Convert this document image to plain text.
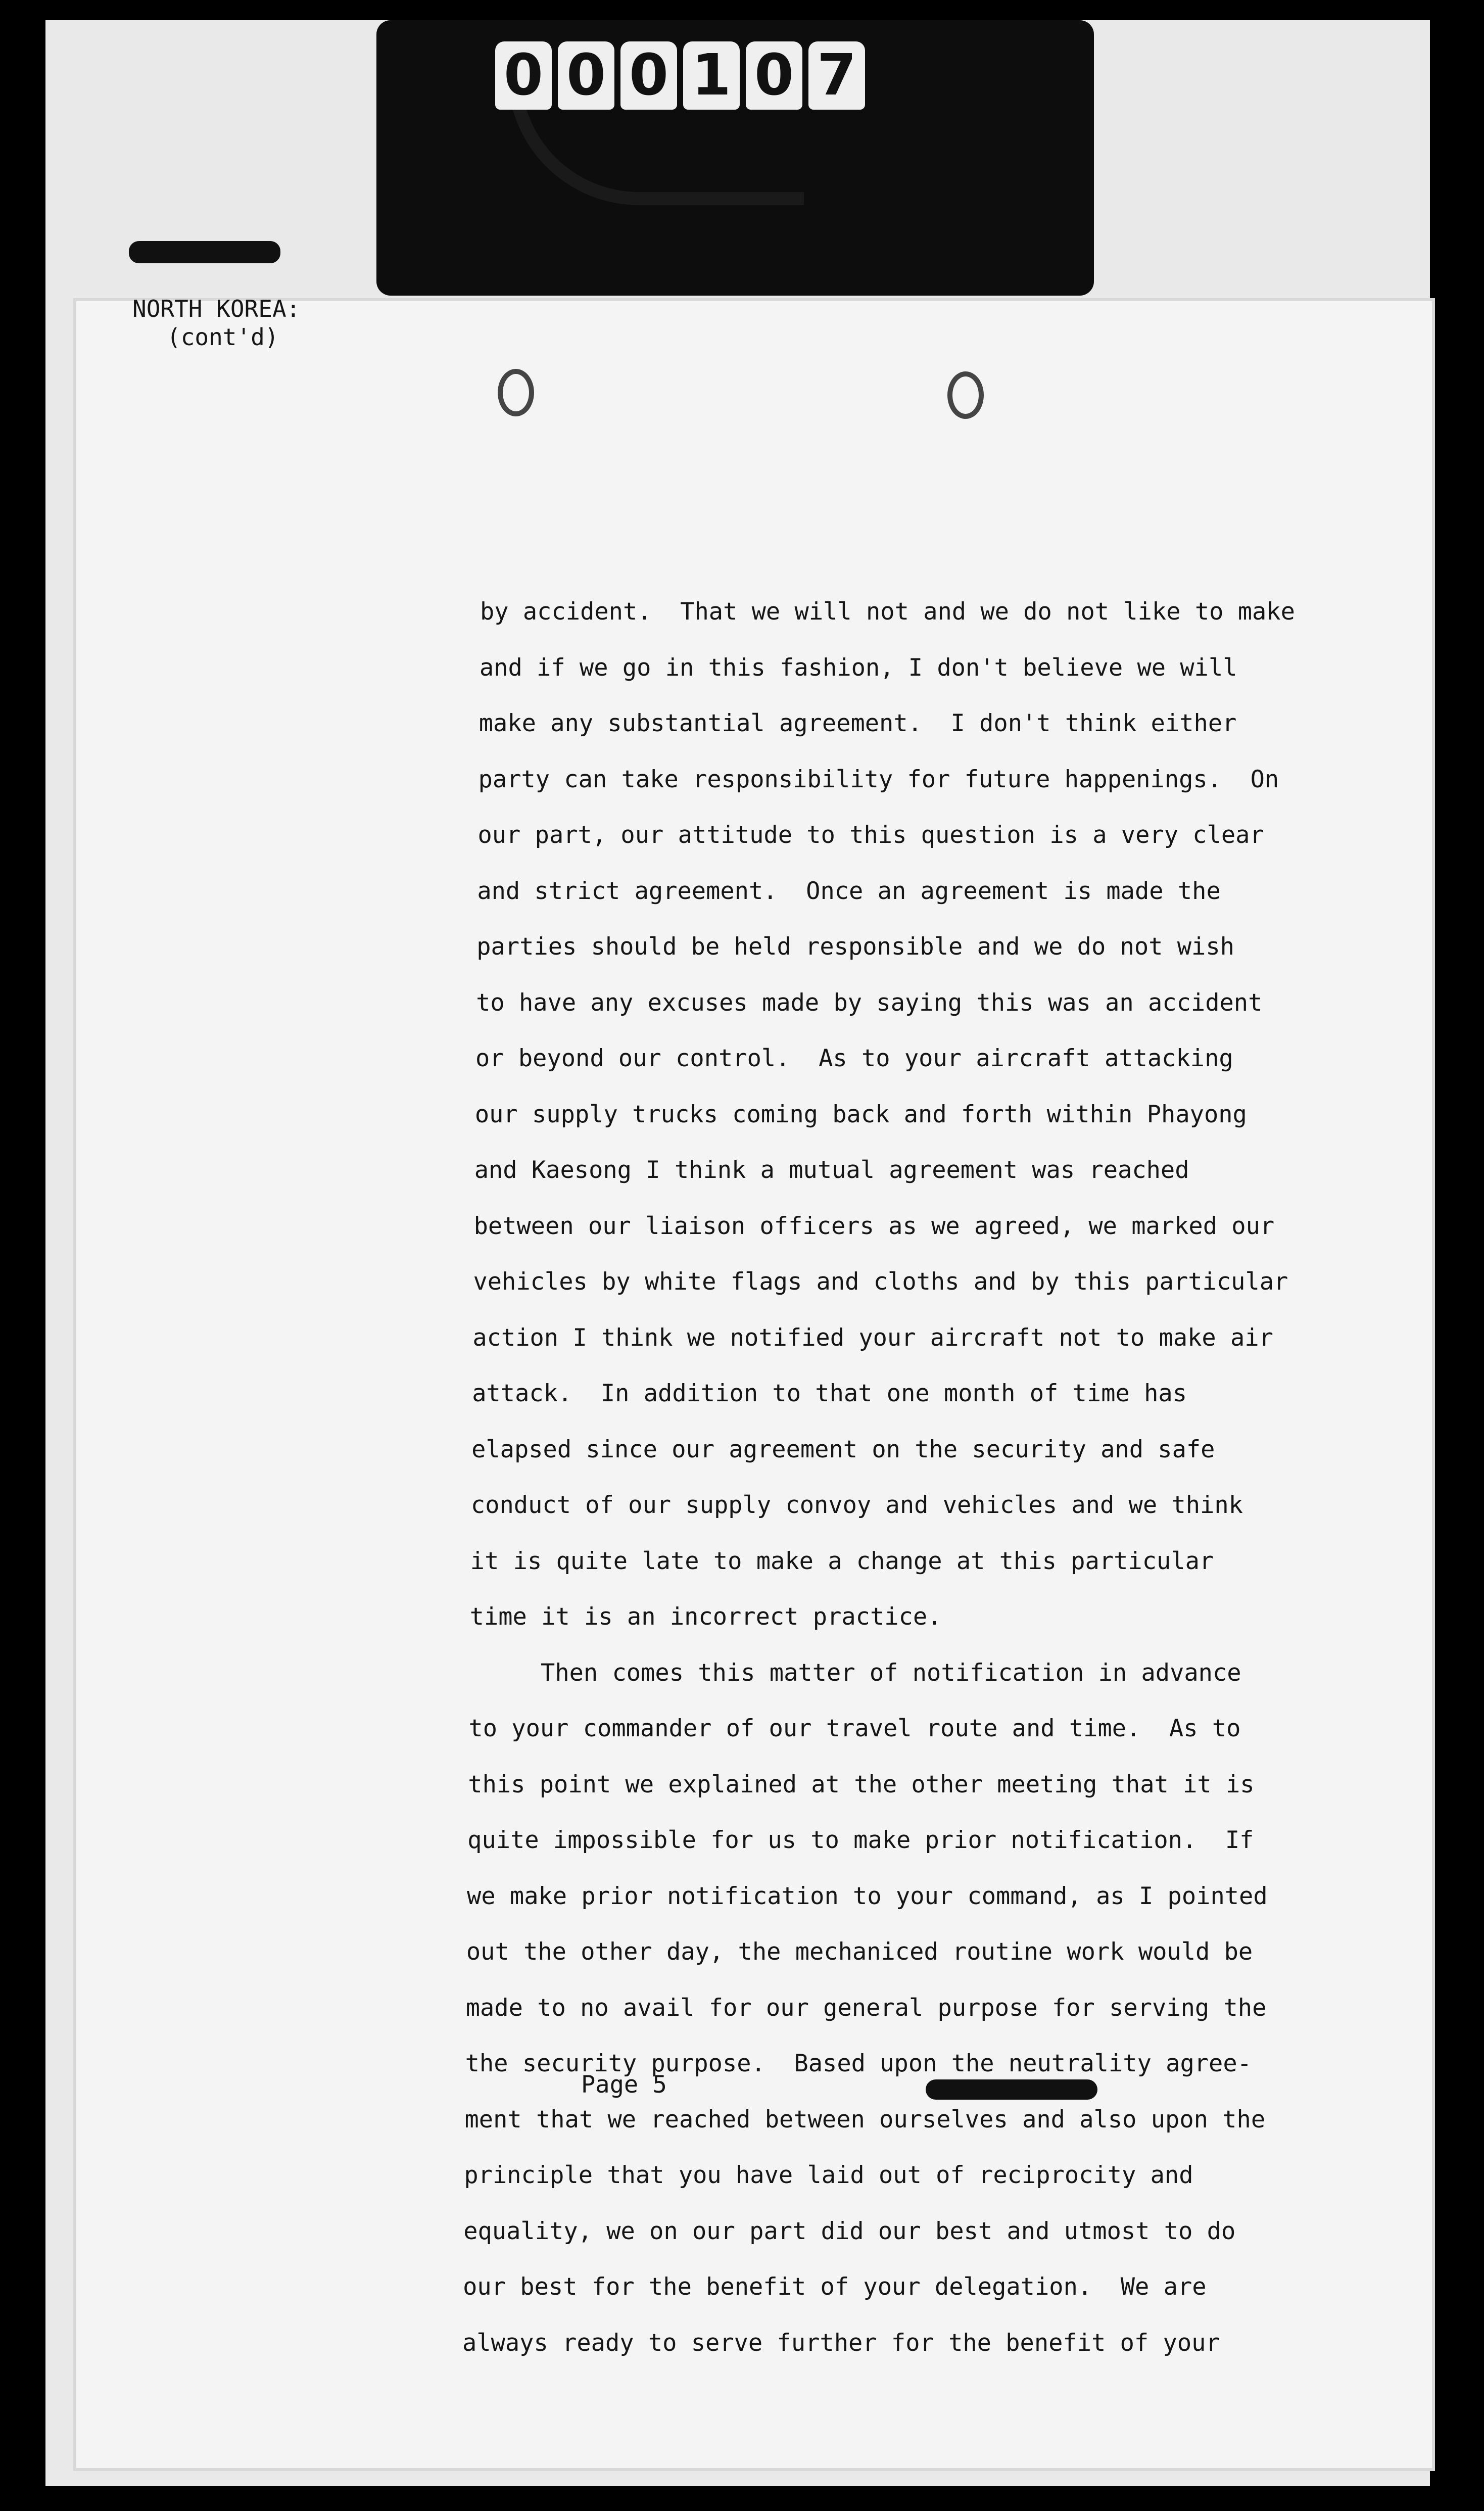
0 0 0 1 0 7
RESTRICTED
NORTH KOREA:
(cont'd)
by accident.  That we will not and we do not like to make
and if we go in this fashion, I don't believe we will
make any substantial agreement.  I don't think either
party can take responsibility for future happenings.  On
our part, our attitude to this question is a very clear
and strict agreement.  Once an agreement is made the
parties should be held responsible and we do not wish
to have any excuses made by saying this was an accident
or beyond our control.  As to your aircraft attacking
our supply trucks coming back and forth within Phayong
and Kaesong I think a mutual agreement was reached
between our liaison officers as we agreed, we marked our
vehicles by white flags and cloths and by this particular
action I think we notified your aircraft not to make air
attack.  In addition to that one month of time has
elapsed since our agreement on the security and safe
conduct of our supply convoy and vehicles and we think
it is quite late to make a change at this particular
time it is an incorrect practice.
Then comes this matter of notification in advance
to your commander of our travel route and time.  As to
this point we explained at the other meeting that it is
quite impossible for us to make prior notification.  If
we make prior notification to your command, as I pointed
out the other day, the mechaniced routine work would be
made to no avail for our general purpose for serving the
the security purpose.  Based upon the neutrality agree-
ment that we reached between ourselves and also upon the
principle that you have laid out of reciprocity and
equality, we on our part did our best and utmost to do
our best for the benefit of your delegation.  We are
always ready to serve further for the benefit of your
Page 5	RESTRICTED
